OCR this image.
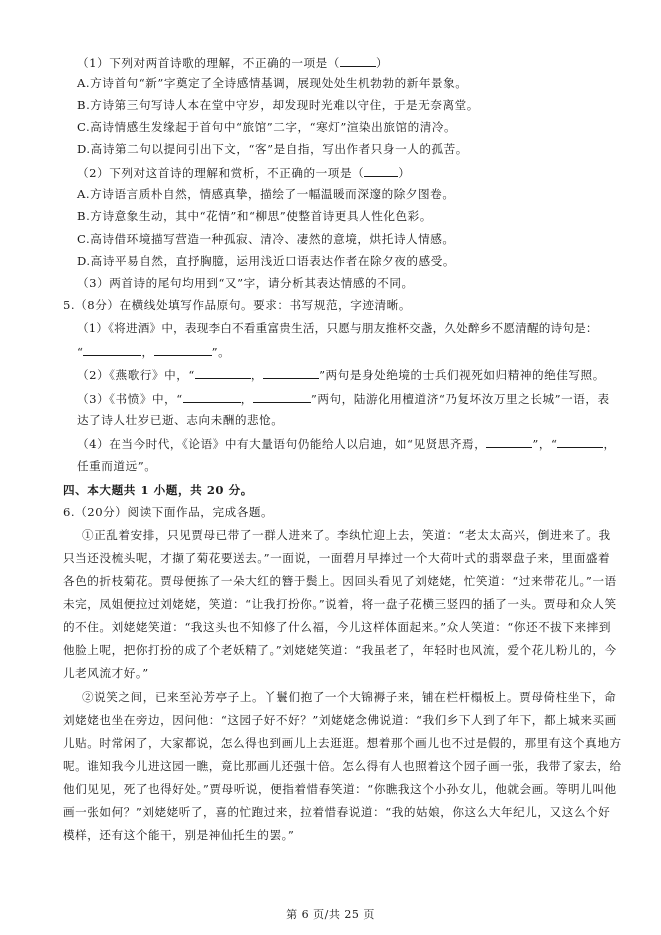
（1）下列对两首诗歌的理解，不正确的一项是（	）
A.方诗首句“新”字奠定了全诗感情基调，展现处处生机勃勃的新年景象。
B.方诗第三句写诗人本在堂中守岁，却发现时光难以守住，于是无奈离堂。
C.高诗情感生发缘起于首句中“旅馆”二字，“寒灯”渲染出旅馆的清冷。
D.高诗第二句以提问引出下文，“客”是自指，写出作者只身一人的孤苦。
（2）下列对这首诗的理解和赏析，不正确的一项是（	）
A.方诗语言质朴自然，情感真挚，描绘了一幅温暖而深邃的除夕图卷。
B.方诗意象生动，其中“花情”和“柳思”使整首诗更具人性化色彩。
C.高诗借环境描写营造一种孤寂、清冷、凄然的意境，烘托诗人情感。
D.高诗平易自然，直抒胸臆，运用浅近口语表达作者在除夕夜的感受。
（3）两首诗的尾句均用到“又”字，请分析其表达情感的不同。
5.（8分）在横线处填写作品原句。要求：书写规范，字迹清晰。
（1）《将进酒》中，表现李白不看重富贵生活，只愿与朋友推杯交盏，久处醉乡不愿清醒的诗句是：
“	，	”。
（2）《燕歌行》中，“	，	”两句是身处绝境的士兵们视死如归精神的绝佳写照。
（3）《书愤》中，“	，	”两句，陆游化用檀道济“乃复坏汝万里之长城”一语，表
达了诗人壮岁已逝、志向未酬的悲怆。
（4）在当今时代，《论语》中有大量语句仍能给人以启迪，如“见贤思齐焉，	”，“	，
任重而道远”。
四、本大题共 1 小题，共 20 分。
6.（20分）阅读下面作品，完成各题。
①正乱着安排，只见贾母已带了一群人进来了。李纨忙迎上去，笑道：“老太太高兴，倒进来了。我
只当还没梳头呢，才撷了菊花要送去。”一面说，一面碧月早捧过一个大荷叶式的翡翠盘子来，里面盛着
各色的折枝菊花。贾母便拣了一朵大红的簪于鬓上。因回头看见了刘姥姥，忙笑道：“过来带花儿。”一语
未完，凤姐便拉过刘姥姥，笑道：“让我打扮你。”说着，将一盘子花横三竖四的插了一头。贾母和众人笑
的不住。刘姥姥笑道：“我这头也不知修了什么福，今儿这样体面起来。”众人笑道：“你还不拔下来摔到
他脸上呢，把你打扮的成了个老妖精了。”刘姥姥笑道：“我虽老了，年轻时也风流，爱个花儿粉儿的，今
儿老风流才好。”
②说笑之间，已来至沁芳亭子上。丫鬟们抱了一个大锦褥子来，铺在栏杆榻板上。贾母倚柱坐下，命
刘姥姥也坐在旁边，因问他：“这园子好不好？”刘姥姥念佛说道：“我们乡下人到了年下，都上城来买画
儿贴。时常闲了，大家都说，怎么得也到画儿上去逛逛。想着那个画儿也不过是假的，那里有这个真地方
呢。谁知我今儿进这园一瞧，竟比那画儿还强十倍。怎么得有人也照着这个园子画一张，我带了家去，给
他们见见，死了也得好处。”贾母听说，便指着惜春笑道：“你瞧我这个小孙女儿，他就会画。等明儿叫他
画一张如何？”刘姥姥听了，喜的忙跑过来，拉着惜春说道：“我的姑娘，你这么大年纪儿，又这么个好
模样，还有这个能干，别是神仙托生的罢。”
第 6 页/共 25 页
